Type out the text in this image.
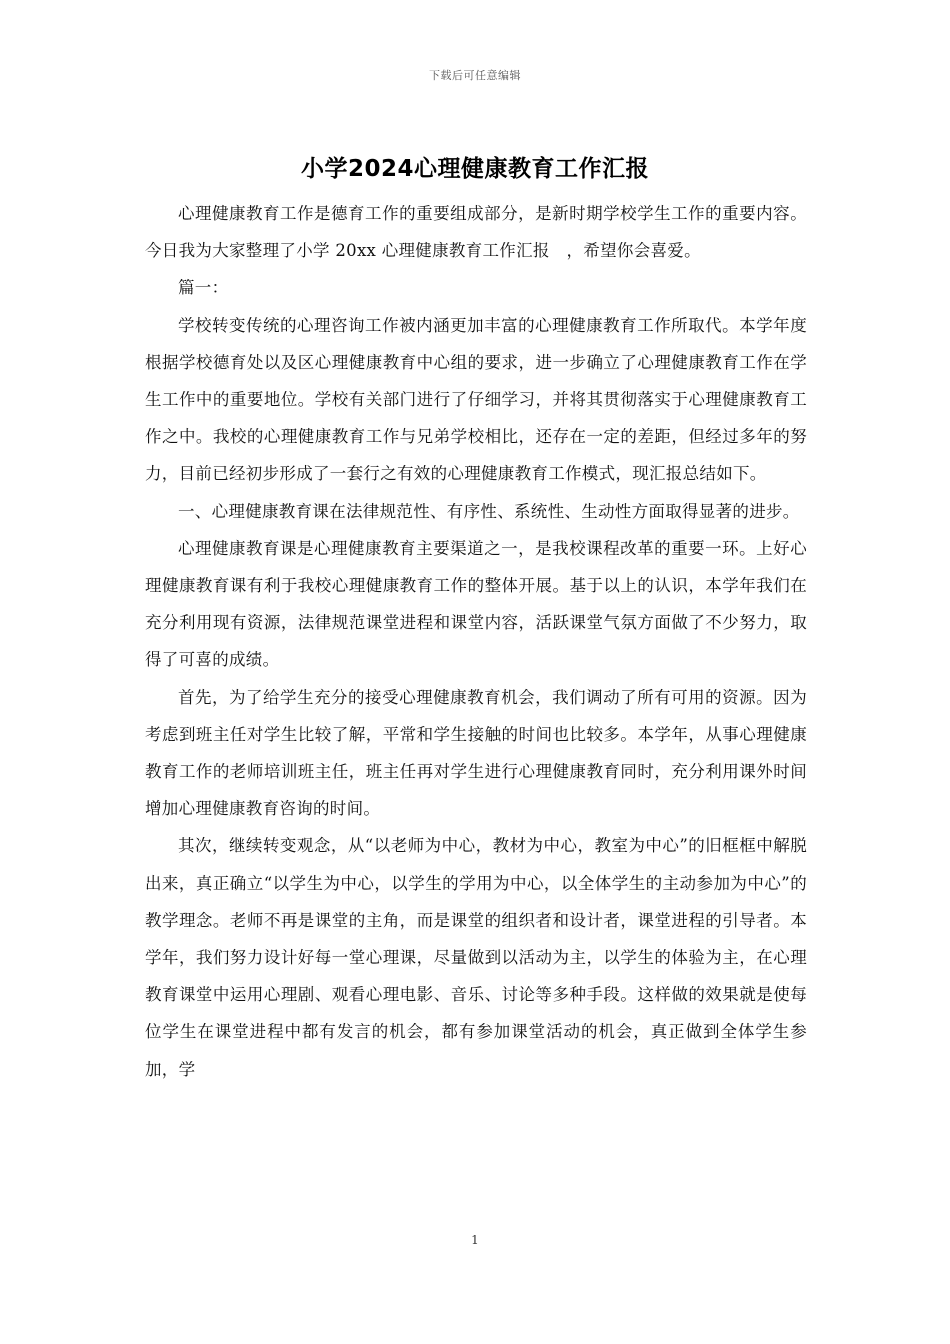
下载后可任意编辑
小学2024心理健康教育工作汇报

心理健康教育工作是德育工作的重要组成部分，是新时期学校学生工作的重要内容。今日我为大家整理了小学 20xx 心理健康教育工作汇报　，希望你会喜爱。

篇一：

学校转变传统的心理咨询工作被内涵更加丰富的心理健康教育工作所取代。本学年度根据学校德育处以及区心理健康教育中心组的要求，进一步确立了心理健康教育工作在学生工作中的重要地位。学校有关部门进行了仔细学习，并将其贯彻落实于心理健康教育工作之中。我校的心理健康教育工作与兄弟学校相比，还存在一定的差距，但经过多年的努力，目前已经初步形成了一套行之有效的心理健康教育工作模式，现汇报总结如下。

一、心理健康教育课在法律规范性、有序性、系统性、生动性方面取得显著的进步。

心理健康教育课是心理健康教育主要渠道之一，是我校课程改革的重要一环。上好心理健康教育课有利于我校心理健康教育工作的整体开展。基于以上的认识，本学年我们在充分利用现有资源，法律规范课堂进程和课堂内容，活跃课堂气氛方面做了不少努力，取得了可喜的成绩。

首先，为了给学生充分的接受心理健康教育机会，我们调动了所有可用的资源。因为考虑到班主任对学生比较了解，平常和学生接触的时间也比较多。本学年，从事心理健康教育工作的老师培训班主任，班主任再对学生进行心理健康教育同时，充分利用课外时间增加心理健康教育咨询的时间。

其次，继续转变观念，从“以老师为中心，教材为中心，教室为中心”的旧框框中解脱出来，真正确立“以学生为中心，以学生的学用为中心，以全体学生的主动参加为中心”的教学理念。老师不再是课堂的主角，而是课堂的组织者和设计者，课堂进程的引导者。本学年，我们努力设计好每一堂心理课，尽量做到以活动为主，以学生的体验为主，在心理教育课堂中运用心理剧、观看心理电影、音乐、讨论等多种手段。这样做的效果就是使每位学生在课堂进程中都有发言的机会，都有参加课堂活动的机会，真正做到全体学生参加，学

1
